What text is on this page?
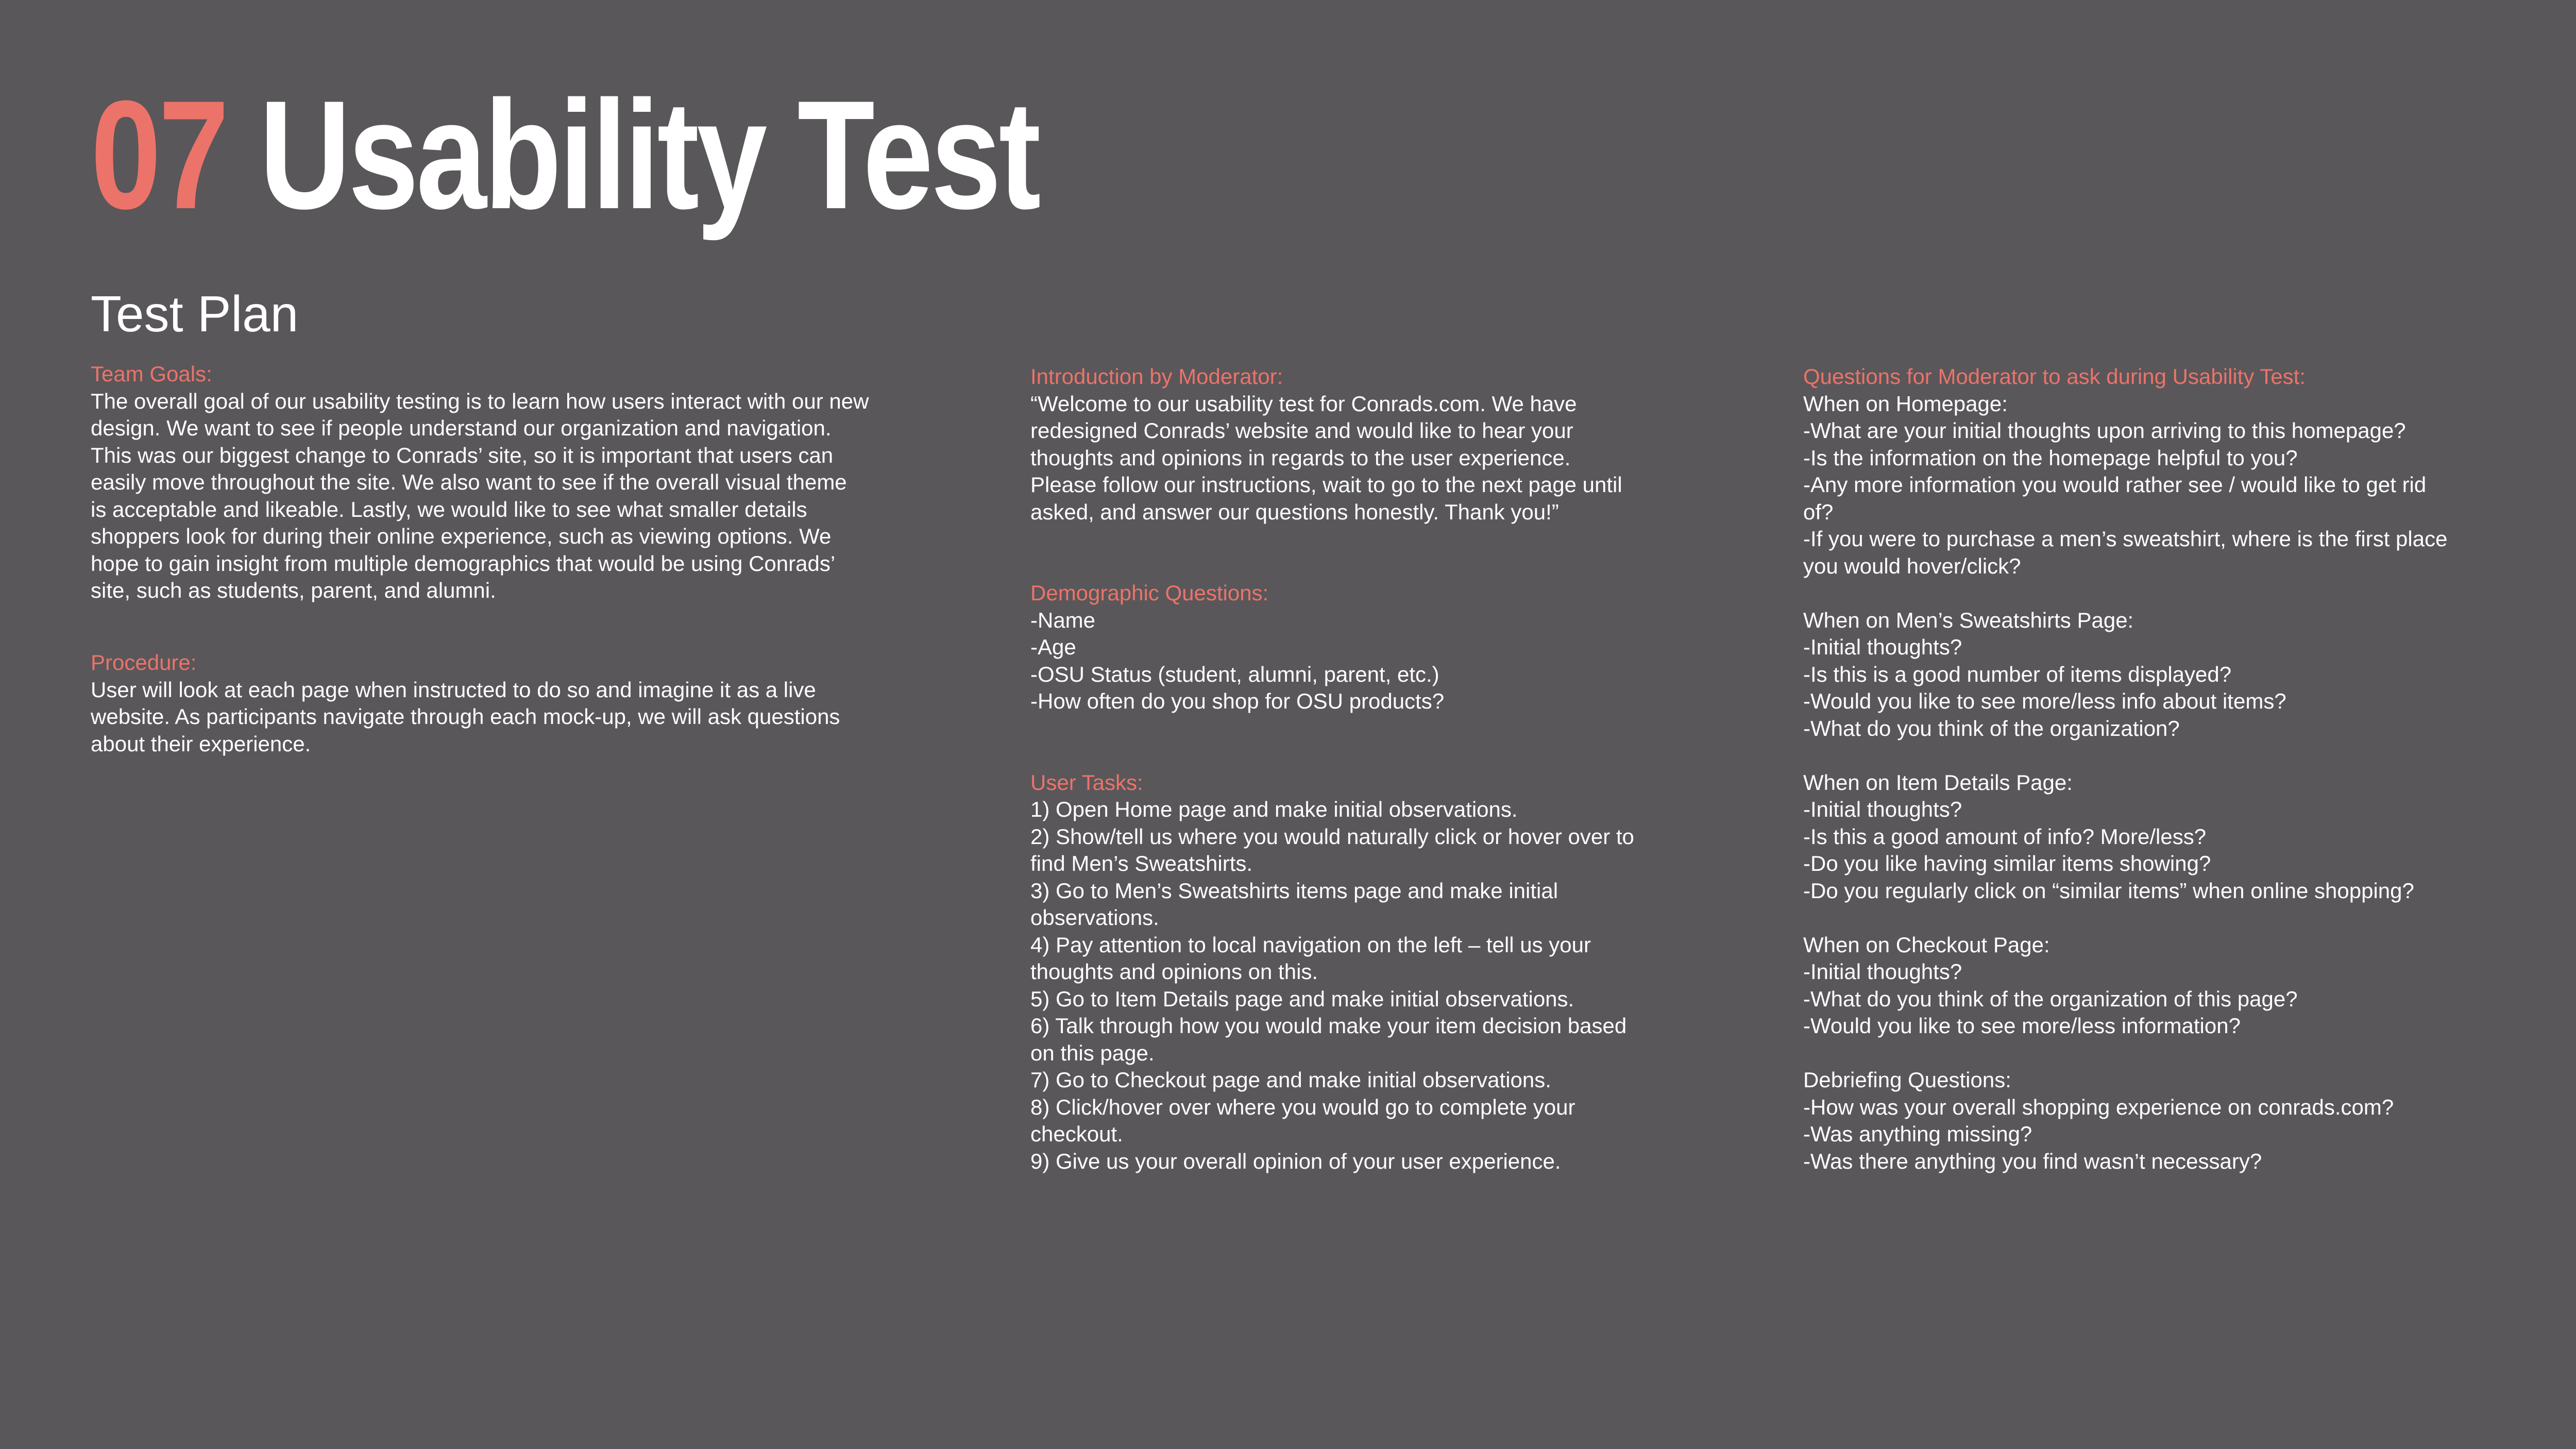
07 Usability Test
Test Plan
Team Goals:
The overall goal of our usability testing is to learn how users interact with our new
design. We want to see if people understand our organization and navigation.
This was our biggest change to Conrads’ site, so it is important that users can
easily move throughout the site. We also want to see if the overall visual theme
is acceptable and likeable. Lastly, we would like to see what smaller details
shoppers look for during their online experience, such as viewing options. We
hope to gain insight from multiple demographics that would be using Conrads’
site, such as students, parent, and alumni.
Procedure:
User will look at each page when instructed to do so and imagine it as a live
website. As participants navigate through each mock-up, we will ask questions
about their experience.
Introduction by Moderator:
“Welcome to our usability test for Conrads.com. We have
redesigned Conrads’ website and would like to hear your
thoughts and opinions in regards to the user experience.
Please follow our instructions, wait to go to the next page until
asked, and answer our questions honestly. Thank you!”
Demographic Questions:
-Name
-Age
-OSU Status (student, alumni, parent, etc.)
-How often do you shop for OSU products?
User Tasks:
1) Open Home page and make initial observations.
2) Show/tell us where you would naturally click or hover over to
find Men’s Sweatshirts.
3) Go to Men’s Sweatshirts items page and make initial
observations.
4) Pay attention to local navigation on the left – tell us your
thoughts and opinions on this.
5) Go to Item Details page and make initial observations.
6) Talk through how you would make your item decision based
on this page.
7) Go to Checkout page and make initial observations.
8) Click/hover over where you would go to complete your
checkout.
9) Give us your overall opinion of your user experience.
Questions for Moderator to ask during Usability Test:
When on Homepage:
-What are your initial thoughts upon arriving to this homepage?
-Is the information on the homepage helpful to you?
-Any more information you would rather see / would like to get rid
of?
-If you were to purchase a men’s sweatshirt, where is the first place
you would hover/click?
When on Men’s Sweatshirts Page:
-Initial thoughts?
-Is this is a good number of items displayed?
-Would you like to see more/less info about items?
-What do you think of the organization?
When on Item Details Page:
-Initial thoughts?
-Is this a good amount of info? More/less?
-Do you like having similar items showing?
-Do you regularly click on “similar items” when online shopping?
When on Checkout Page:
-Initial thoughts?
-What do you think of the organization of this page?
-Would you like to see more/less information?
Debriefing Questions:
-How was your overall shopping experience on conrads.com?
-Was anything missing?
-Was there anything you find wasn’t necessary?
